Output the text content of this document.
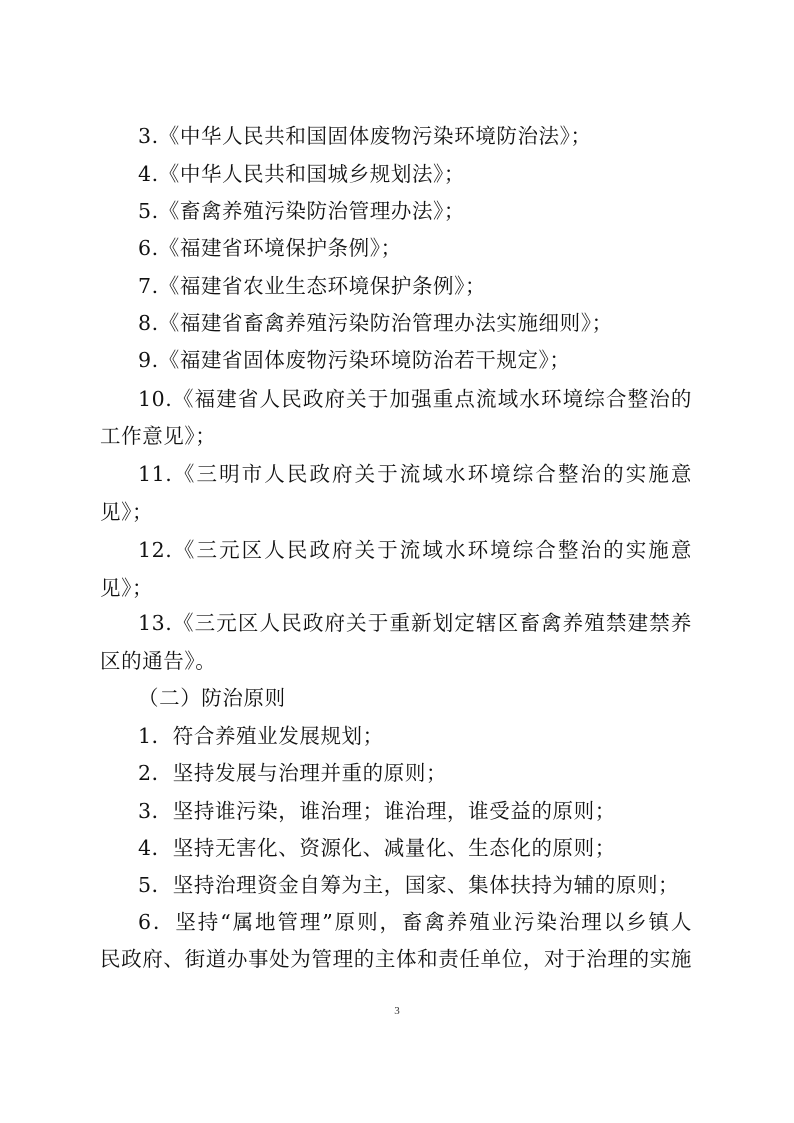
3.《中华人民共和国固体废物污染环境防治法》；
4.《中华人民共和国城乡规划法》；
5.《畜禽养殖污染防治管理办法》；
6.《福建省环境保护条例》；
7.《福建省农业生态环境保护条例》；
8.《福建省畜禽养殖污染防治管理办法实施细则》；
9.《福建省固体废物污染环境防治若干规定》；
10.《福建省人民政府关于加强重点流域水环境综合整治的
工作意见》；
11.《三明市人民政府关于流域水环境综合整治的实施意
见》；
12.《三元区人民政府关于流域水环境综合整治的实施意
见》；
13.《三元区人民政府关于重新划定辖区畜禽养殖禁建禁养
区的通告》。
（二）防治原则
1．符合养殖业发展规划；
2．坚持发展与治理并重的原则；
3．坚持谁污染，谁治理；谁治理，谁受益的原则；
4．坚持无害化、资源化、减量化、生态化的原则；
5．坚持治理资金自筹为主，国家、集体扶持为辅的原则；
6．坚持“属地管理”原则，畜禽养殖业污染治理以乡镇人
民政府、街道办事处为管理的主体和责任单位，对于治理的实施
3
